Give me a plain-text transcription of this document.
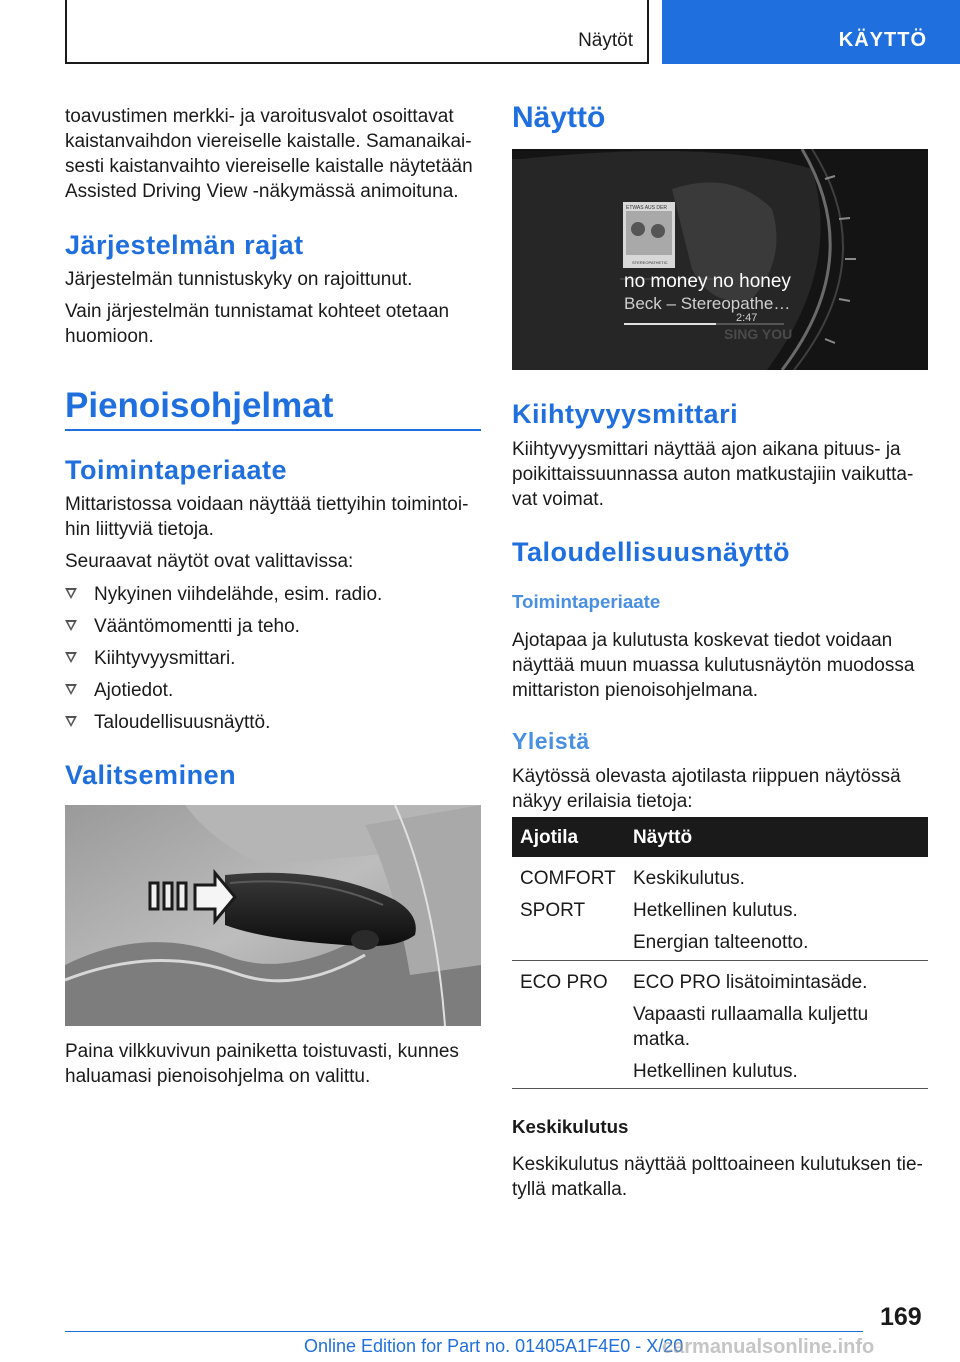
Näytöt	KÄYTTÖ

toavustimen merkki- ja varoitusvalot osoittavat

kaistanvaihdon viereiselle kaistalle. Samanaikai-

sesti kaistanvaihto viereiselle kaistalle näytetään

Assisted Driving View -näkymässä animoituna.

Järjestelmän rajat

Järjestelmän tunnistuskyky on rajoittunut.

Vain järjestelmän tunnistamat kohteet otetaan

huomioon.

Pienoisohjelmat
Toimintaperiaate

Mittaristossa voidaan näyttää tiettyihin toimintoi-

hin liittyviä tietoja.

Seuraavat näytöt ovat valittavissa:

Nykyinen viihdelähde, esim. radio.
Vääntömomentti ja teho.
Kiihtyvyysmittari.
Ajotiedot.
Taloudellisuusnäyttö.
Valitseminen

Paina vilkkuvivun painiketta toistuvasti, kunnes

haluamasi pienoisohjelma on valittu.

Näyttö
ETWAS AUS DER
STEREOPATHETIC
no money no honey
Beck – Stereopathe…
2:47
SING YOU
Kiihtyvyysmittari

Kiihtyvyysmittari näyttää ajon aikana pituus- ja

poikittaissuunnassa auton matkustajiin vaikutta-

vat voimat.

Taloudellisuusnäyttö
Toimintaperiaate

Ajotapaa ja kulutusta koskevat tiedot voidaan

näyttää muun muassa kulutusnäytön muodossa

mittariston pienoisohjelmana.

Yleistä

Käytössä olevasta ajotilasta riippuen näytössä

näkyy erilaisia tietoja:

Ajotila	Näyttö
COMFORT
SPORT
Keskikulutus.
Hetkellinen kulutus.
Energian talteenotto.
ECO PRO ECO PRO lisätoimintasäde.
Vapaasti rullaamalla kuljettu
matka.
Hetkellinen kulutus.
Keskikulutus

Keskikulutus näyttää polttoaineen kulutuksen tie-

tyllä matkalla.

169
Online Edition for Part no. 01405A1F4E0 - X/20
carmanualsonline.info
